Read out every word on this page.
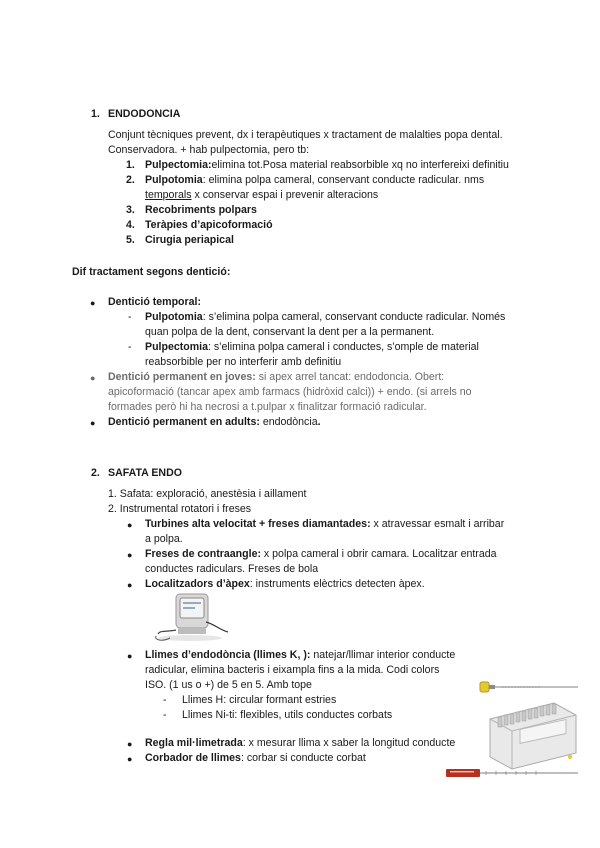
1. ENDODONCIA
Conjunt tècniques prevent, dx i terapèutiques x tractament de malalties popa dental.
Conservadora. + hab pulpectomia, pero tb:
1. Pulpectomia:elimina tot.Posa material reabsorbible xq no interfereixi definitiu
2. Pulpotomia: elimina polpa cameral, conservant conducte radicular. nms
temporals x conservar espai i prevenir alteracions
3. Recobriments polpars
4. Teràpies d’apicoformació
5. Cirugia periapical
Dif tractament segons dentició:
● Dentició temporal:
- Pulpotomia: s’elimina polpa cameral, conservant conducte radicular. Només
quan polpa de la dent, conservant la dent per a la permanent.
- Pulpectomia: s’elimina polpa cameral i conductes, s’omple de material
reabsorbible per no interferir amb definitiu
● Dentició permanent en joves: si apex arrel tancat: endodoncia. Obert:
apicoformació (tancar apex amb farmacs (hidròxid calci)) + endo. (si arrels no
formades però hi ha necrosi a t.pulpar x finalitzar formació radicular.
● Dentició permanent en adults: endodòncia.
2. SAFATA ENDO
1. Safata: exploració, anestèsia i aillament
2. Instrumental rotatori i freses
● Turbines alta velocitat + freses diamantades: x atravessar esmalt i arribar
a polpa.
● Freses de contraangle: x polpa cameral i obrir camara. Localitzar entrada
conductes radiculars. Freses de bola
● Localitzadors d’àpex: instruments elèctrics detecten àpex.
● Llimes d’endodòncia (llimes K, ): natejar/llimar interior conducte
radicular, elimina bacteris i eixampla fins a la mida. Codi colors
ISO. (1 us o +) de 5 en 5. Amb tope
- Llimes H: circular formant estries
- Llimes Ni-ti: flexibles, utils conductes corbats
● Regla mil·limetrada: x mesurar llima x saber la longitud conducte
● Corbador de llimes: corbar si conducte corbat
